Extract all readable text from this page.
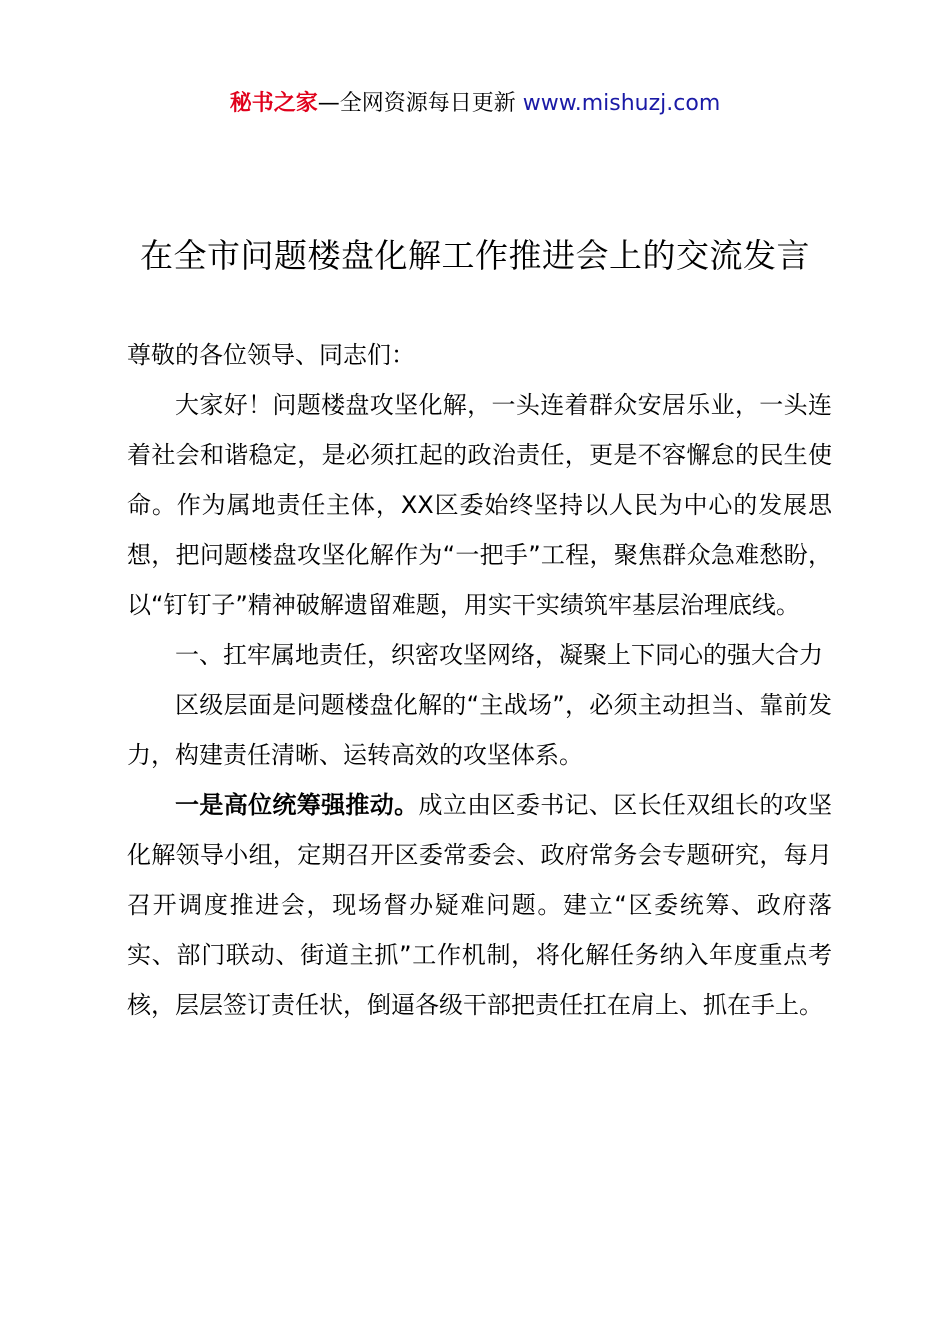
秘书之家—全网资源每日更新 www.mishuzj.com
在全市问题楼盘化解工作推进会上的交流发言

尊敬的各位领导、同志们：

大家好！问题楼盘攻坚化解，一头连着群众安居乐业，一头连着社会和谐稳定，是必须扛起的政治责任，更是不容懈怠的民生使命。作为属地责任主体，XX区委始终坚持以人民为中心的发展思想，把问题楼盘攻坚化解作为“一把手”工程，聚焦群众急难愁盼，以“钉钉子”精神破解遗留难题，用实干实绩筑牢基层治理底线。

一、扛牢属地责任，织密攻坚网络，凝聚上下同心的强大合力

区级层面是问题楼盘化解的“主战场”，必须主动担当、靠前发力，构建责任清晰、运转高效的攻坚体系。

一是高位统筹强推动。成立由区委书记、区长任双组长的攻坚化解领导小组，定期召开区委常委会、政府常务会专题研究，每月召开调度推进会，现场督办疑难问题。建立“区委统筹、政府落实、部门联动、街道主抓”工作机制，将化解任务纳入年度重点考核，层层签订责任状，倒逼各级干部把责任扛在肩上、抓在手上。
